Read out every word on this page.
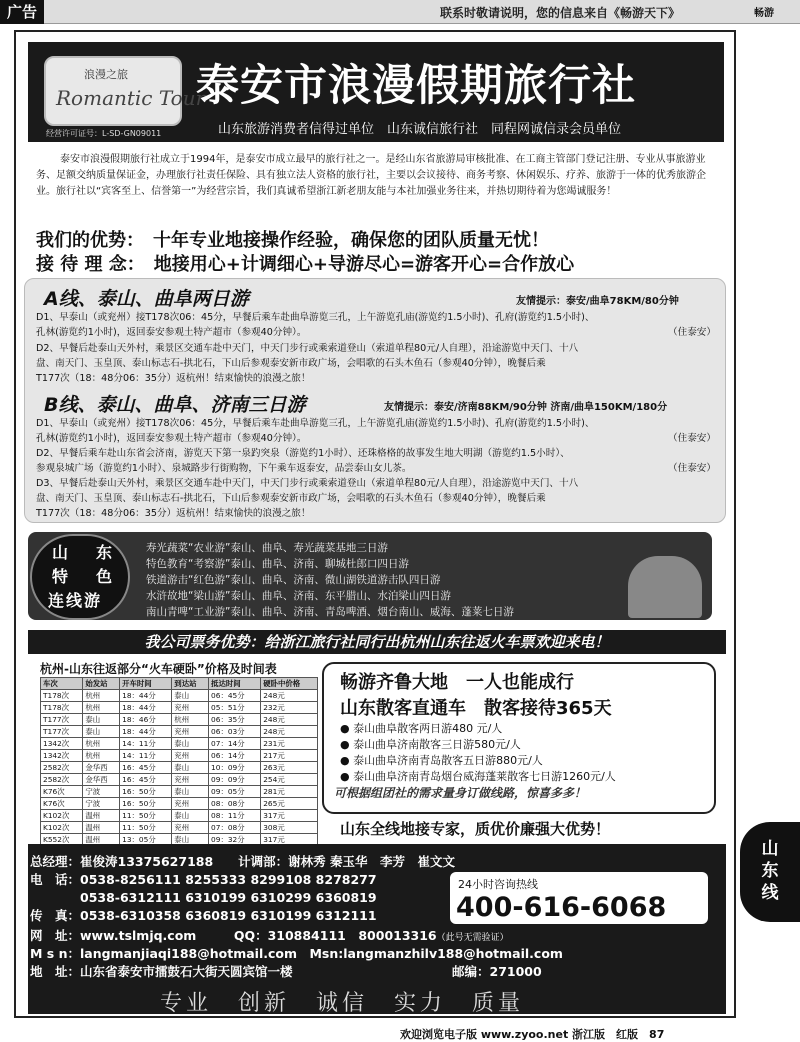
广告	联系时敬请说明，您的信息来自《畅游天下》	畅游
浪漫之旅
Romantic Tour
经营许可证号：L-SD-GN09011
泰安市浪漫假期旅行社
山东旅游消费者信得过单位　山东诚信旅行社　同程网诚信录会员单位
泰安市浪漫假期旅行社成立于1994年，是泰安市成立最早的旅行社之一。是经山东省旅游局审核批准、在工商主管部门登记注册、专业从事旅游业务、足额交纳质量保证金，办理旅行社责任保险、具有独立法人资格的旅行社，主要以会议接待、商务考察、休闲娱乐、疗养、旅游于一体的优秀旅游企业。旅行社以“宾客至上、信誉第一”为经营宗旨，我们真诚希望浙江新老朋友能与本社加强业务往来，并热切期待着为您竭诚服务！
我们的优势：　十年专业地接操作经验，确保您的团队质量无忧！
接 待 理 念：　地接用心+计调细心+导游尽心=游客开心=合作放心
A线、泰山、曲阜两日游	友情提示：泰安/曲阜78KM/80分钟
D1、早泰山（或兖州）接T178次06：45分，早餐后乘车赴曲阜游览三孔，上午游览孔庙(游览约1.5小时)、孔府(游览约1.5小时)、
孔林(游览约1小时)，返回泰安参观土特产超市（参观40分钟）。	（住泰安）
D2、早餐后赴泰山天外村，乘景区交通车赴中天门，中天门步行或乘索道登山（索道单程80元/人自理），沿途游览中天门、十八
盘、南天门、玉皇顶、泰山标志石-拱北石，下山后参观泰安新市政广场，会唱歌的石头木鱼石（参观40分钟），晚餐后乘
T177次（18：48分06：35分）返杭州！结束愉快的浪漫之旅！
B线、泰山、曲阜、济南三日游	友情提示：泰安/济南88KM/90分钟 济南/曲阜150KM/180分
D1、早泰山（或兖州）接T178次06：45分，早餐后乘车赴曲阜游览三孔，上午游览孔庙(游览约1.5小时)、孔府(游览约1.5小时)、
孔林(游览约1小时)，返回泰安参观土特产超市（参观40分钟）。	（住泰安）
D2、早餐后乘车赴山东省会济南，游览天下第一泉趵突泉（游览约1小时）、还珠格格的故事发生地大明湖（游览约1.5小时）、
参观泉城广场（游览约1小时）、泉城路步行街购物，下午乘车返泰安，品尝泰山女儿茶。	（住泰安）
D3、早餐后赴泰山天外村，乘景区交通车赴中天门，中天门步行或乘索道登山（索道单程80元/人自理），沿途游览中天门、十八
盘、南天门、玉皇顶、泰山标志石-拱北石，下山后参观泰安新市政广场，会唱歌的石头木鱼石（参观40分钟），晚餐后乘
T177次（18：48分06：35分）返杭州！结束愉快的浪漫之旅！
山　东
特　色
连线游
寿光蔬菜“农业游”泰山、曲阜、寿光蔬菜基地三日游
特色教育“考察游”泰山、曲阜、济南、聊城杜郎口四日游
铁道游击“红色游”泰山、曲阜、济南、微山湖铁道游击队四日游
水浒故地“梁山游”泰山、曲阜、济南、东平腊山、水泊梁山四日游
南山青啤“工业游”泰山、曲阜、济南、青岛啤酒、烟台南山、威海、蓬莱七日游
我公司票务优势：给浙江旅行社同行出杭州山东往返火车票欢迎来电！
杭州-山东往返部分“火车硬卧”价格及时间表
车次	始发站	开车时间	到达站	抵达时间	硬卧中价格
T178次	杭州	18：44分	泰山	06：45分	248元
T178次	杭州	18：44分	兖州	05：51分	232元
T177次	泰山	18：46分	杭州	06：35分	248元
T177次	泰山	18：44分	兖州	06：03分	248元
1342次	杭州	14：11分	泰山	07：14分	231元
1342次	杭州	14：11分	兖州	06：14分	217元
2582次	金华西	16：45分	泰山	10：09分	263元
2582次	金华西	16：45分	兖州	09：09分	254元
K76次	宁波	16：50分	泰山	09：05分	281元
K76次	宁波	16：50分	兖州	08：08分	265元
K102次	温州	11：50分	泰山	08：11分	317元
K102次	温州	11：50分	兖州	07：08分	308元
K552次	温州	13：05分	泰山	09：32分	317元

畅游齐鲁大地　一人也能成行
山东散客直通车　散客接待365天
● 泰山曲阜散客两日游480 元/人
● 泰山曲阜济南散客三日游580元/人
● 泰山曲阜济南青岛散客五日游880元/人
● 泰山曲阜济南青岛烟台威海蓬莱散客七日游1260元/人
可根据组团社的需求量身订做线路，惊喜多多！
山东全线地接专家，质优价廉强大优势！
总经理：崔俊涛13375627188　　计调部：谢林秀 秦玉华　李芳　崔文文
电　话：0538-8256111 8255333 8299108 8278277
　　　　0538-6312111 6310199 6310299 6360819
传　真：0538-6310358 6360819 6310199 6312111
网　址：www.tslmjq.com　　　QQ：310884111　800013316（此号无需验证）
M s n：langmanjiaqi188@hotmail.com　Msn:langmanzhilv188@hotmail.com
地　址：山东省泰安市擂鼓石大街天圆宾馆一楼	邮编：271000
24小时咨询热线
400-616-6068
专业　创新　诚信　实力　质量
山
东
线
欢迎浏览电子版 www.zyoo.net 浙江版　红版　87
